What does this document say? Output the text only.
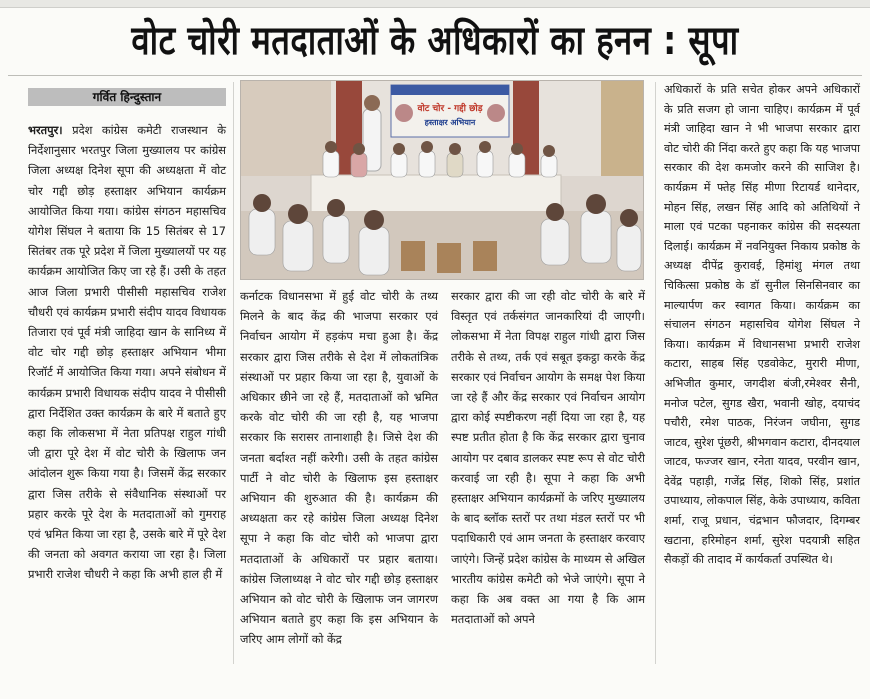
वोट चोरी मतदाताओं के अधिकारों का हनन : सूपा
गर्वित हिन्दुस्तान
वोट चोर - गद्दी छोड़
हस्ताक्षर अभियान

भरतपुर। प्रदेश कांग्रेस कमेटी राजस्थान के निर्देशानुसार भरतपुर जिला मुख्यालय पर कांग्रेस जिला अध्यक्ष दिनेश सूपा की अध्यक्षता में वोट चोर गद्दी छोड़ हस्ताक्षर अभियान कार्यक्रम आयोजित किया गया। कांग्रेस संगठन महासचिव योगेश सिंघल ने बताया कि 15 सितंबर से 17 सितंबर तक पूरे प्रदेश में जिला मुख्यालयों पर यह कार्यक्रम आयोजित किए जा रहे हैं। उसी के तहत आज जिला प्रभारी पीसीसी महासचिव राजेश चौधरी एवं कार्यक्रम प्रभारी संदीप यादव विधायक तिजारा एवं पूर्व मंत्री जाहिदा खान के सानिध्य में वोट चोर गद्दी छोड़ हस्ताक्षर अभियान भीमा रिजॉर्ट में आयोजित किया गया। अपने संबोधन में कार्यक्रम प्रभारी विधायक संदीप यादव ने पीसीसी द्वारा निर्देशित उक्त कार्यक्रम के बारे में बताते हुए कहा कि लोकसभा में नेता प्रतिपक्ष राहुल गांधी जी द्वारा पूरे देश में वोट चोरी के खिलाफ जन आंदोलन शुरू किया गया है। जिसमें केंद्र सरकार द्वारा जिस तरीके से संवैधानिक संस्थाओं पर प्रहार करके पूरे देश के मतदाताओं को गुमराह एवं भ्रमित किया जा रहा है, उसके बारे में पूरे देश की जनता को अवगत कराया जा रहा है। जिला प्रभारी राजेश चौधरी ने कहा कि अभी हाल ही में

कर्नाटक विधानसभा में हुई वोट चोरी के तथ्य मिलने के बाद केंद्र की भाजपा सरकार एवं निर्वाचन आयोग में हड़कंप मचा हुआ है। केंद्र सरकार द्वारा जिस तरीके से देश में लोकतांत्रिक संस्थाओं पर प्रहार किया जा रहा है, युवाओं के अधिकार छीने जा रहे हैं, मतदाताओं को भ्रमित करके वोट चोरी की जा रही है, यह भाजपा सरकार कि सरासर तानाशाही है। जिसे देश की जनता बर्दाश्त नहीं करेगी। उसी के तहत कांग्रेस पार्टी ने वोट चोरी के खिलाफ इस हस्ताक्षर अभियान की शुरुआत की है। कार्यक्रम की अध्यक्षता कर रहे कांग्रेस जिला अध्यक्ष दिनेश सूपा ने कहा कि वोट चोरी को भाजपा द्वारा मतदाताओं के अधिकारों पर प्रहार बताया। कांग्रेस जिलाध्यक्ष ने वोट चोर गद्दी छोड़ हस्ताक्षर अभियान को वोट चोरी के खिलाफ जन जागरण अभियान बताते हुए कहा कि इस अभियान के जरिए आम लोगों को केंद्र

सरकार द्वारा की जा रही वोट चोरी के बारे में विस्तृत एवं तर्कसंगत जानकारियां दी जाएगी। लोकसभा में नेता विपक्ष राहुल गांधी द्वारा जिस तरीके से तथ्य, तर्क एवं सबूत इकट्ठा करके केंद्र सरकार एवं निर्वाचन आयोग के समक्ष पेश किया जा रहे हैं और केंद्र सरकार एवं निर्वाचन आयोग द्वारा कोई स्पष्टीकरण नहीं दिया जा रहा है, यह स्पष्ट प्रतीत होता है कि केंद्र सरकार द्वारा चुनाव आयोग पर दबाव डालकर स्पष्ट रूप से वोट चोरी करवाई जा रही है। सूपा ने कहा कि अभी हस्ताक्षर अभियान कार्यक्रमों के जरिए मुख्यालय के बाद ब्लॉक स्तरों पर तथा मंडल स्तरों पर भी पदाधिकारी एवं आम जनता के हस्ताक्षर करवाए जाएंगे। जिन्हें प्रदेश कांग्रेस के माध्यम से अखिल भारतीय कांग्रेस कमेटी को भेजे जाएंगे। सूपा ने कहा कि अब वक्त आ गया है कि आम मतदाताओं को अपने

अधिकारों के प्रति सचेत होकर अपने अधिकारों के प्रति सजग हो जाना चाहिए। कार्यक्रम में पूर्व मंत्री जाहिदा खान ने भी भाजपा सरकार द्वारा वोट चोरी की निंदा करते हुए कहा कि यह भाजपा सरकार की देश कमजोर करने की साजिश है। कार्यक्रम में फ्तेह सिंह मीणा रिटायर्ड थानेदार, मोहन सिंह, लखन सिंह आदि को अतिथियों ने माला एवं पटका पहनाकर कांग्रेस की सदस्यता दिलाई। कार्यक्रम में नवनियुक्त निकाय प्रकोष्ठ के अध्यक्ष दीपेंद्र कुरावई, हिमांशु मंगल तथा चिकित्सा प्रकोष्ठ के डॉ सुनील सिनसिनवार का माल्यार्पण कर स्वागत किया। कार्यक्रम का संचालन संगठन महासचिव योगेश सिंघल ने किया। कार्यक्रम में विधानसभा प्रभारी राजेश कटारा, साहब सिंह एडवोकेट, मुरारी मीणा, अभिजीत कुमार, जगदीश बंजी,रमेश्वर सैनी, मनोज पटेल, सुगड खैरा, भवानी खोह, दयाचंद पचौरी, रमेश पाठक, निरंजन जघीना, सुगड जाटव, सुरेश पूंछरी, श्रीभगवान कटारा, दीनदयाल जाटव, फज्जर खान, रनेता यादव, परवीन खान, देवेंद्र पहाड़ी, गजेंद्र सिंह, शिको सिंह, प्रशांत उपाध्याय, लोकपाल सिंह, केके उपाध्याय, कविता शर्मा, राजू प्रधान, चंद्रभान फौजदार, दिगम्बर खटाना, हरिमोहन शर्मा, सुरेश पदयात्री सहित सैकड़ों की तादाद में कार्यकर्ता उपस्थित थे।
